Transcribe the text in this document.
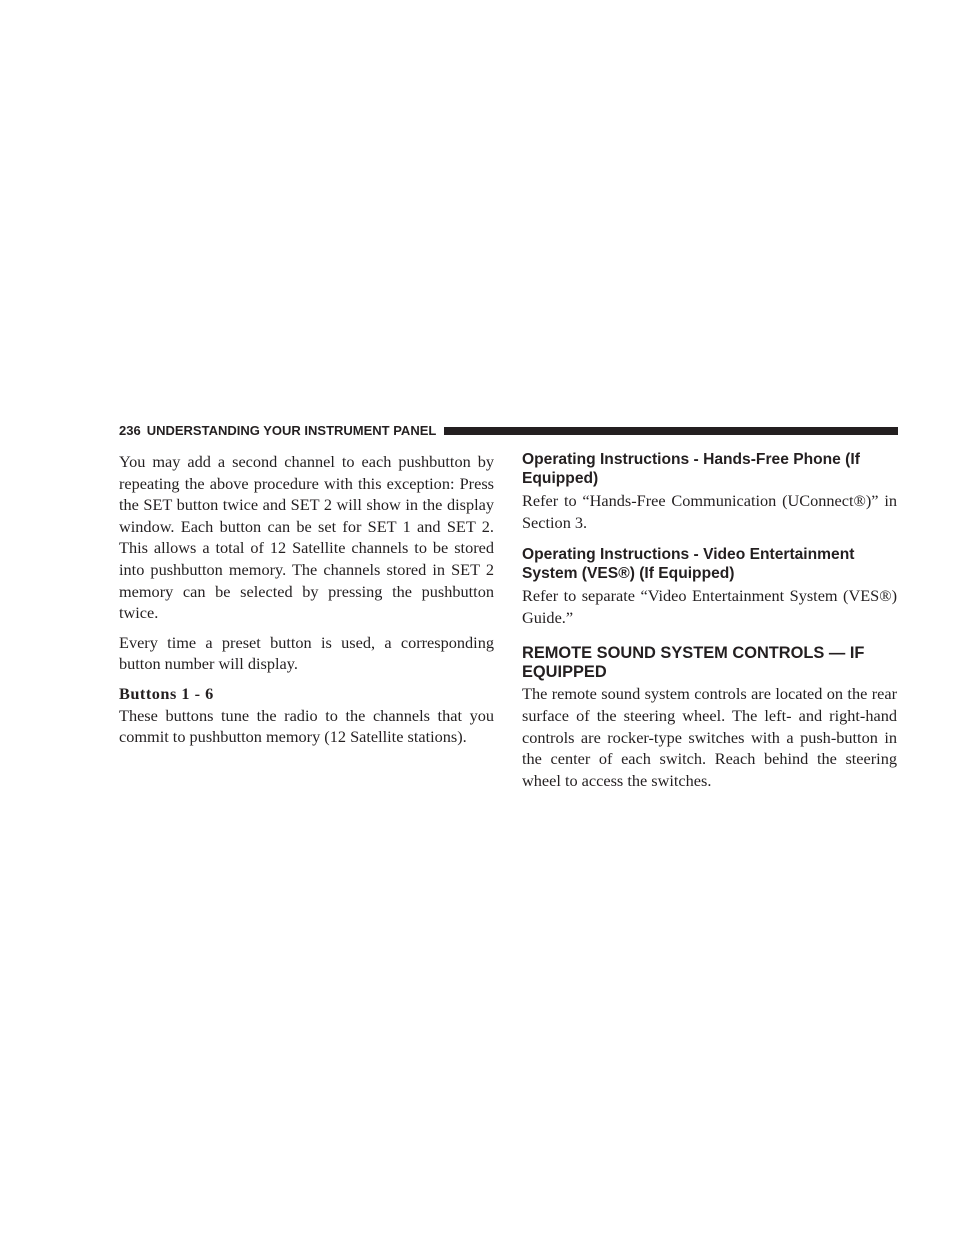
236 UNDERSTANDING YOUR INSTRUMENT PANEL

You may add a second channel to each pushbutton by repeating the above procedure with this exception: Press the SET button twice and SET 2 will show in the display window. Each button can be set for SET 1 and SET 2. This allows a total of 12 Satellite channels to be stored into pushbutton memory. The channels stored in SET 2 memory can be selected by pressing the pushbutton twice.

Every time a preset button is used, a corresponding button number will display.

Buttons 1 - 6

These buttons tune the radio to the channels that you commit to pushbutton memory (12 Satellite stations).

Operating Instructions - Hands-Free Phone (If Equipped)

Refer to “Hands-Free Communication (UConnect®)” in Section 3.

Operating Instructions - Video Entertainment System (VES®) (If Equipped)

Refer to separate “Video Entertainment System (VES®) Guide.”

REMOTE SOUND SYSTEM CONTROLS — IF EQUIPPED

The remote sound system controls are located on the rear surface of the steering wheel. The left- and right-hand controls are rocker-type switches with a push-button in the center of each switch. Reach behind the steering wheel to access the switches.
